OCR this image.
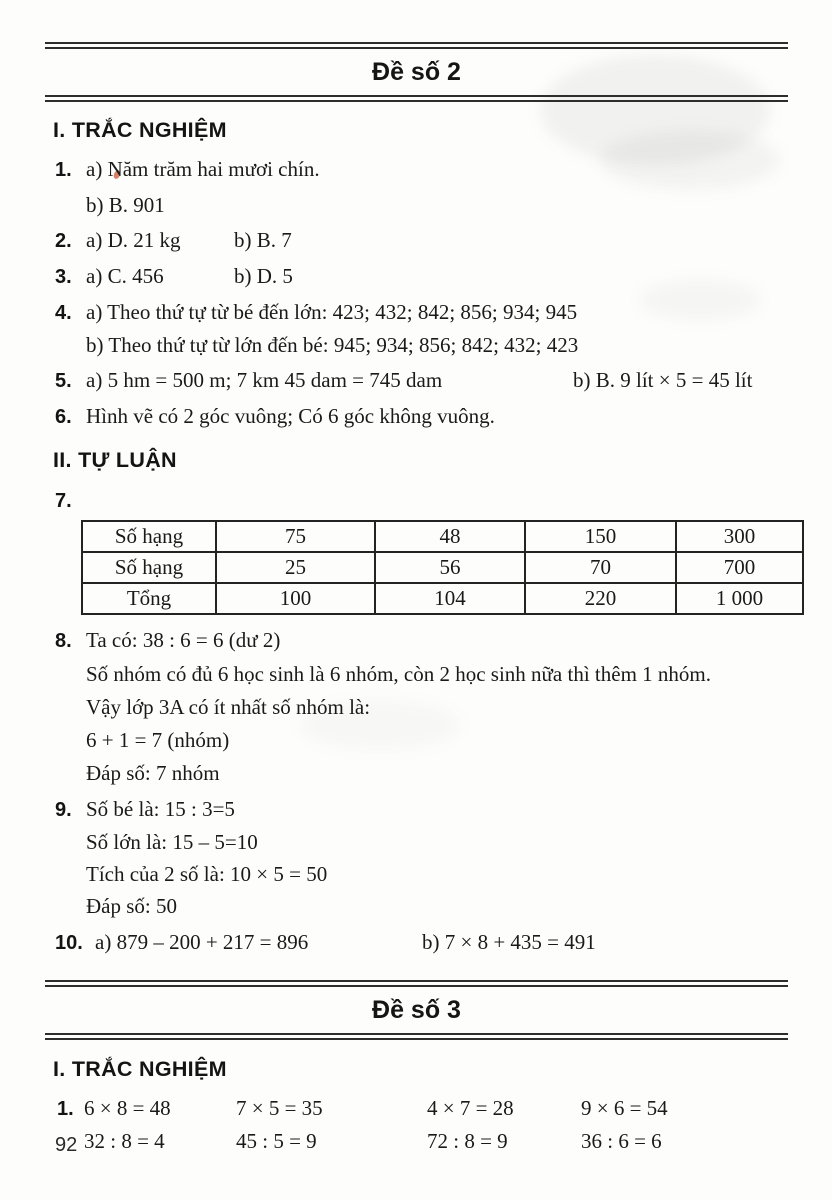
Đề số 2
I. TRẮC NGHIỆM
1. a) Năm trăm hai mươi chín.
b) B. 901
2. a) D. 21 kg	b) B. 7
3. a) C. 456	b) D. 5
4. a) Theo thứ tự từ bé đến lớn: 423; 432; 842; 856; 934; 945
b) Theo thứ tự từ lớn đến bé: 945; 934; 856; 842; 432; 423
5. a) 5 hm = 500 m; 7 km 45 dam = 745 dam	b) B. 9 lít × 5 = 45 lít
6. Hình vẽ có 2 góc vuông; Có 6 góc không vuông.
II. TỰ LUẬN
7.
Số hạng	75	48	150	300
Số hạng	25	56	70	700
Tổng	100	104	220	1 000
8. Ta có: 38 : 6 = 6 (dư 2)
Số nhóm có đủ 6 học sinh là 6 nhóm, còn 2 học sinh nữa thì thêm 1 nhóm.
Vậy lớp 3A có ít nhất số nhóm là:
6 + 1 = 7 (nhóm)
Đáp số: 7 nhóm
9. Số bé là: 15 : 3=5
Số lớn là: 15 – 5=10
Tích của 2 số là: 10 × 5 = 50
Đáp số: 50
10. a) 879 – 200 + 217 = 896	b) 7 × 8 + 435 = 491
Đề số 3
I. TRẮC NGHIỆM
1. 6 × 8 = 48	7 × 5 = 35	4 × 7 = 28	9 × 6 = 54
32 : 8 = 4	45 : 5 = 9	72 : 8 = 9	36 : 6 = 6
92
